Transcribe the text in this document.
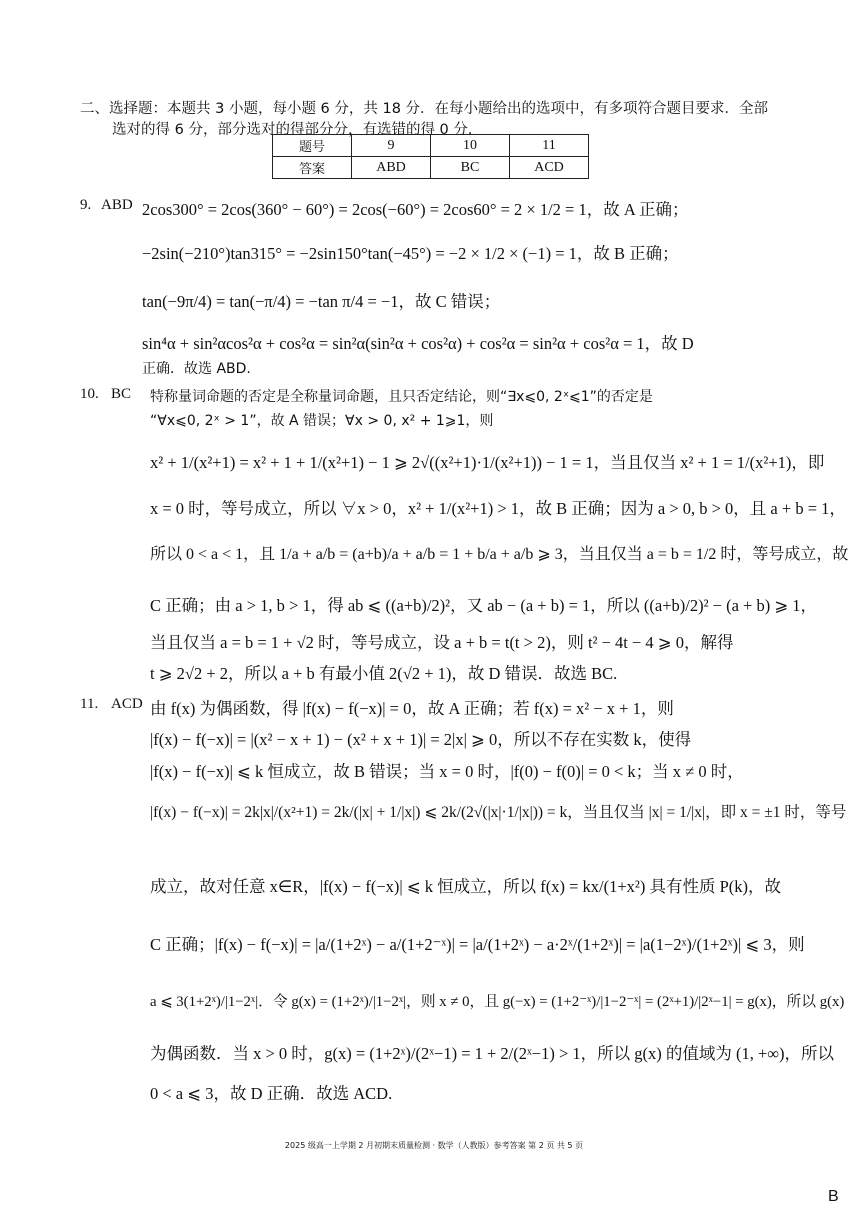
二、选择题：本题共 3 小题，每小题 6 分，共 18 分．在每小题给出的选项中，有多项符合题目要求．全部
选对的得 6 分，部分选对的得部分分，有选错的得 0 分．
题号	9	10	11
答案	ABD	BC	ACD
9. ABD 2cos300° = 2cos(360° − 60°) = 2cos(−60°) = 2cos60° = 2 × 1/2 = 1，故 A 正确；
−2sin(−210°)tan315° = −2sin150°tan(−45°) = −2 × 1/2 × (−1) = 1，故 B 正确；
tan(−9π/4) = tan(−π/4) = −tan π/4 = −1，故 C 错误；
sin⁴α + sin²αcos²α + cos²α = sin²α(sin²α + cos²α) + cos²α = sin²α + cos²α = 1，故 D
正确．故选 ABD.
10. BC 特称量词命题的否定是全称量词命题，且只否定结论，则“∃x⩽0, 2ˣ⩽1”的否定是
“∀x⩽0, 2ˣ > 1”，故 A 错误；∀x > 0, x² + 1⩾1，则
x² + 1/(x²+1) = x² + 1 + 1/(x²+1) − 1 ⩾ 2√((x²+1)·1/(x²+1)) − 1 = 1，当且仅当 x² + 1 = 1/(x²+1)，即
x = 0 时，等号成立，所以 ∀x > 0，x² + 1/(x²+1) > 1，故 B 正确；因为 a > 0, b > 0，且 a + b = 1，
所以 0 < a < 1，且 1/a + a/b = (a+b)/a + a/b = 1 + b/a + a/b ⩾ 3，当且仅当 a = b = 1/2 时，等号成立，故
C 正确；由 a > 1, b > 1，得 ab ⩽ ((a+b)/2)²，又 ab − (a + b) = 1，所以 ((a+b)/2)² − (a + b) ⩾ 1，
当且仅当 a = b = 1 + √2 时，等号成立，设 a + b = t(t > 2)，则 t² − 4t − 4 ⩾ 0，解得
t ⩾ 2√2 + 2，所以 a + b 有最小值 2(√2 + 1)，故 D 错误．故选 BC.
11. ACD 由 f(x) 为偶函数，得 |f(x) − f(−x)| = 0，故 A 正确；若 f(x) = x² − x + 1，则
|f(x) − f(−x)| = |(x² − x + 1) − (x² + x + 1)| = 2|x| ⩾ 0，所以不存在实数 k，使得
|f(x) − f(−x)| ⩽ k 恒成立，故 B 错误；当 x = 0 时，|f(0) − f(0)| = 0 < k；当 x ≠ 0 时，
|f(x) − f(−x)| = 2k|x|/(x²+1) = 2k/(|x| + 1/|x|) ⩽ 2k/(2√(|x|·1/|x|)) = k，当且仅当 |x| = 1/|x|，即 x = ±1 时，等号
成立，故对任意 x∈R，|f(x) − f(−x)| ⩽ k 恒成立，所以 f(x) = kx/(1+x²) 具有性质 P(k)，故
C 正确；|f(x) − f(−x)| = |a/(1+2ˣ) − a/(1+2⁻ˣ)| = |a/(1+2ˣ) − a·2ˣ/(1+2ˣ)| = |a(1−2ˣ)/(1+2ˣ)| ⩽ 3，则
a ⩽ 3(1+2ˣ)/|1−2ˣ|．令 g(x) = (1+2ˣ)/|1−2ˣ|，则 x ≠ 0，且 g(−x) = (1+2⁻ˣ)/|1−2⁻ˣ| = (2ˣ+1)/|2ˣ−1| = g(x)，所以 g(x)
为偶函数．当 x > 0 时，g(x) = (1+2ˣ)/(2ˣ−1) = 1 + 2/(2ˣ−1) > 1，所以 g(x) 的值域为 (1, +∞)，所以
0 < a ⩽ 3，故 D 正确．故选 ACD.
2025 级高一上学期 2 月初期末质量检测 · 数学（人教版）参考答案 第 2 页 共 5 页
B
